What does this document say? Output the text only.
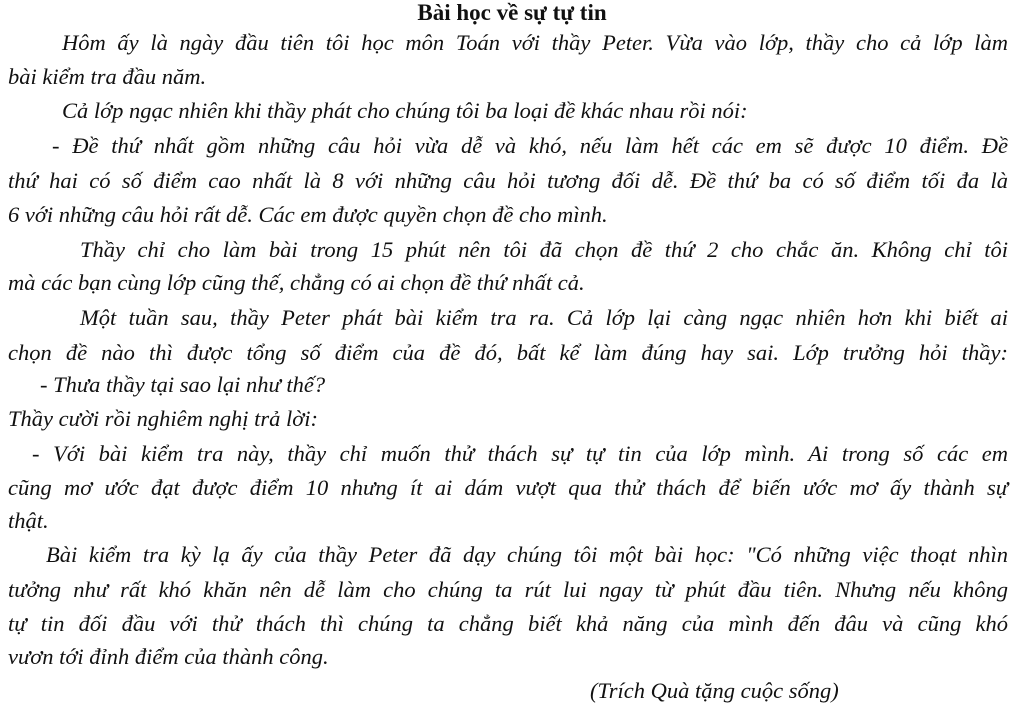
Bài học về sự tự tin
Hôm ấy là ngày đầu tiên tôi học môn Toán với thầy Peter. Vừa vào lớp, thầy cho cả lớp làm
bài kiểm tra đầu năm.
Cả lớp ngạc nhiên khi thầy phát cho chúng tôi ba loại đề khác nhau rồi nói:
- Đề thứ nhất gồm những câu hỏi vừa dễ và khó, nếu làm hết các em sẽ được 10 điểm. Đề
thứ hai có số điểm cao nhất là 8 với những câu hỏi tương đối dễ. Đề thứ ba có số điểm tối đa là
6 với những câu hỏi rất dễ. Các em được quyền chọn đề cho mình.
Thầy chỉ cho làm bài trong 15 phút nên tôi đã chọn đề thứ 2 cho chắc ăn. Không chỉ tôi
mà các bạn cùng lớp cũng thế, chẳng có ai chọn đề thứ nhất cả.
Một tuần sau, thầy Peter phát bài kiểm tra ra. Cả lớp lại càng ngạc nhiên hơn khi biết ai
chọn đề nào thì được tổng số điểm của đề đó, bất kể làm đúng hay sai. Lớp trưởng hỏi thầy:
- Thưa thầy tại sao lại như thế?
Thầy cười rồi nghiêm nghị trả lời:
- Với bài kiểm tra này, thầy chỉ muốn thử thách sự tự tin của lớp mình. Ai trong số các em
cũng mơ ước đạt được điểm 10 nhưng ít ai dám vượt qua thử thách để biến ước mơ ấy thành sự
thật.
Bài kiểm tra kỳ lạ ấy của thầy Peter đã dạy chúng tôi một bài học: "Có những việc thoạt nhìn
tưởng như rất khó khăn nên dễ làm cho chúng ta rút lui ngay từ phút đầu tiên. Nhưng nếu không
tự tin đối đầu với thử thách thì chúng ta chẳng biết khả năng của mình đến đâu và cũng khó
vươn tới đỉnh điểm của thành công.
(Trích Quà tặng cuộc sống)
